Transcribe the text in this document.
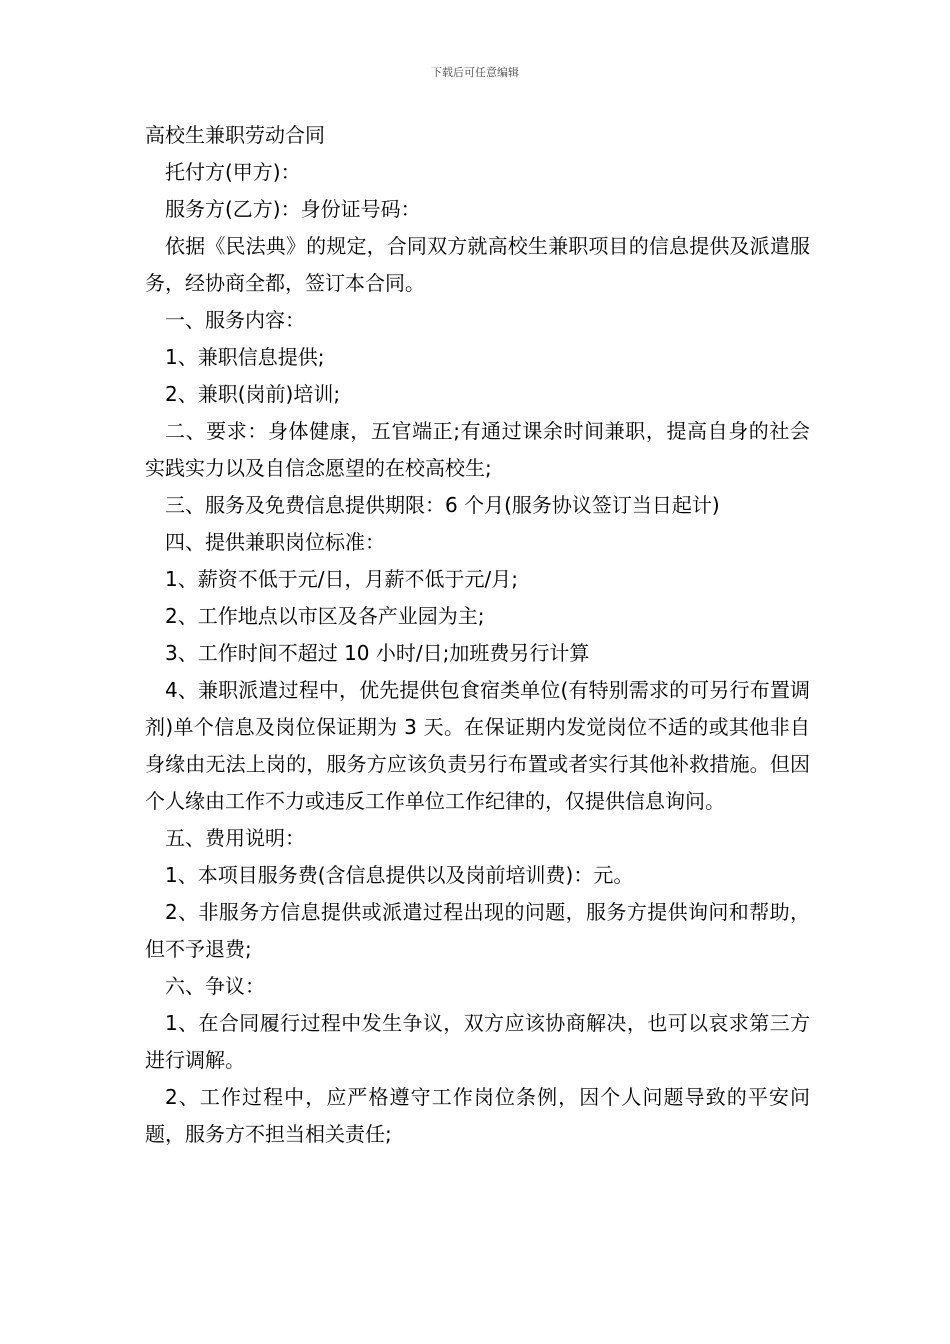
下载后可任意编辑
高校生兼职劳动合同

托付方(甲方)：

服务方(乙方)：身份证号码：

依据《民法典》的规定，合同双方就高校生兼职项目的信息提供及派遣服务，经协商全都，签订本合同。

一、服务内容：

1、兼职信息提供;

2、兼职(岗前)培训;

二、要求：身体健康，五官端正;有通过课余时间兼职，提高自身的社会实践实力以及自信念愿望的在校高校生;

三、服务及免费信息提供期限：6 个月(服务协议签订当日起计)

四、提供兼职岗位标准：

1、薪资不低于元/日，月薪不低于元/月;

2、工作地点以市区及各产业园为主;

3、工作时间不超过 10 小时/日;加班费另行计算

4、兼职派遣过程中，优先提供包食宿类单位(有特别需求的可另行布置调剂)单个信息及岗位保证期为 3 天。在保证期内发觉岗位不适的或其他非自身缘由无法上岗的，服务方应该负责另行布置或者实行其他补救措施。但因个人缘由工作不力或违反工作单位工作纪律的，仅提供信息询问。

五、费用说明：

1、本项目服务费(含信息提供以及岗前培训费)：元。

2、非服务方信息提供或派遣过程出现的问题，服务方提供询问和帮助，但不予退费;

六、争议：

1、在合同履行过程中发生争议，双方应该协商解决，也可以哀求第三方进行调解。

2、工作过程中，应严格遵守工作岗位条例，因个人问题导致的平安问题，服务方不担当相关责任;
